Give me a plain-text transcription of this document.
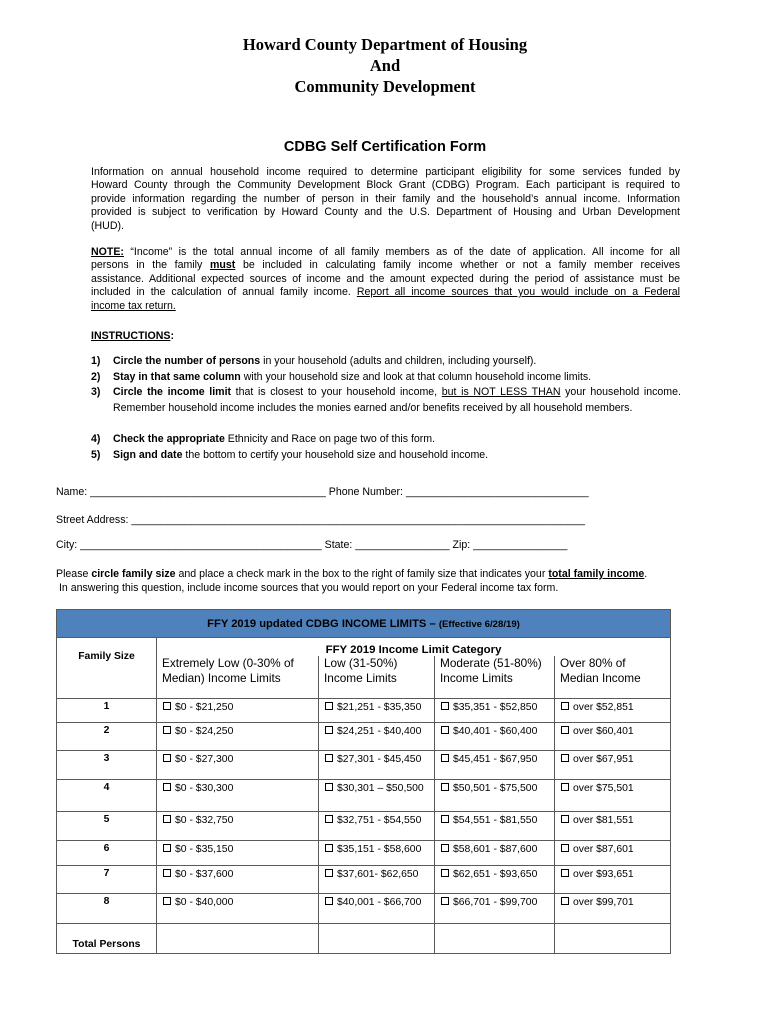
Howard County Department of Housing
And
Community Development
CDBG Self Certification Form
Information on annual household income required to determine participant eligibility for some services funded by
Howard County through the Community Development Block Grant (CDBG) Program. Each participant is required to
provide information regarding the number of person in their family and the household’s annual income. Information
provided is subject to verification by Howard County and the U.S. Department of Housing and Urban Development
(HUD).
NOTE: “Income” is the total annual income of all family members as of the date of application. All income for all
persons in the family must be included in calculating family income whether or not a family member receives
assistance. Additional expected sources of income and the amount expected during the period of assistance must be
included in the calculation of annual family income. Report all income sources that you would include on a Federal
income tax return.
INSTRUCTIONS:
1) Circle the number of persons in your household (adults and children, including yourself).
2) Stay in that same column with your household size and look at that column household income limits.
3) Circle the income limit that is closest to your household income, but is NOT LESS THAN your household income. Remember household income includes the monies earned and/or benefits received by all household members.
4) Check the appropriate Ethnicity and Race on page two of this form.
5) Sign and date the bottom to certify your household size and household income.
Name: ________________________________________ Phone Number: _______________________________
Street Address: _____________________________________________________________________________
City: _________________________________________ State: ________________ Zip: ________________
Please circle family size and place a check mark in the box to the right of family size that indicates your total family income.
In answering this question, include income sources that you would report on your Federal income tax form.
FFY 2019 updated CDBG INCOME LIMITS – (Effective 6/28/19)				
Family Size	FFY 2019 Income Limit Category			
	Extremely Low (0-30% of Median) Income Limits	Low (31-50%) Income Limits	Moderate (51-80%) Income Limits	Over 80% of Median Income
1	$0 - $21,250	$21,251 - $35,350	$35,351 - $52,850	over $52,851
2	$0 - $24,250	$24,251 - $40,400	$40,401 - $60,400	over $60,401
3	$0 - $27,300	$27,301 - $45,450	$45,451 - $67,950	over $67,951
4	$0 - $30,300	$30,301 – $50,500	$50,501 - $75,500	over $75,501
5	$0 - $32,750	$32,751 - $54,550	$54,551 - $81,550	over $81,551
6	$0 - $35,150	$35,151 - $58,600	$58,601 - $87,600	over $87,601
7	$0 - $37,600	$37,601- $62,650	$62,651 - $93,650	over $93,651
8	$0 - $40,000	$40,001 - $66,700	$66,701 - $99,700	over $99,701
Total Persons				
